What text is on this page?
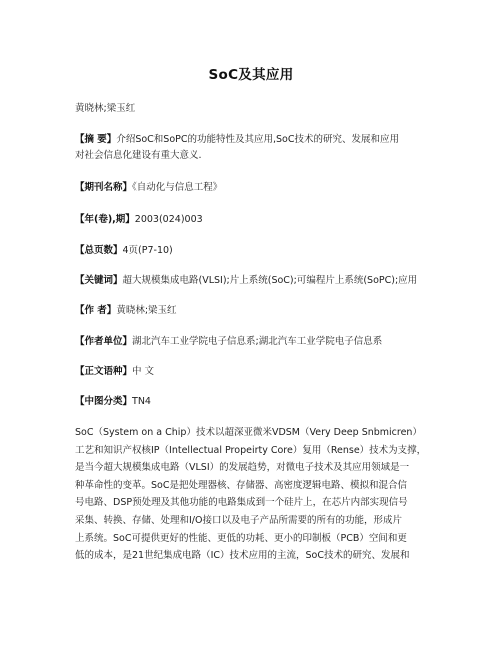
SoC及其应用
黄晓林;梁玉红
【摘 要】介绍SoC和SoPC的功能特性及其应用,SoC技术的研究、发展和应用
对社会信息化建设有重大意义.
【期刊名称】《自动化与信息工程》
【年(卷),期】2003(024)003
【总页数】4页(P7-10)
【关键词】超大规模集成电路(VLSI);片上系统(SoC);可编程片上系统(SoPC);应用
【作 者】黄晓林;梁玉红
【作者单位】湖北汽车工业学院电子信息系;湖北汽车工业学院电子信息系
【正文语种】中 文
【中图分类】TN4
SoC（System on a Chip）技术以超深亚微米VDSM（Very Deep Snbmicren）
工艺和知识产权核IP（Intellectual Propeirty Core）复用（Rense）技术为支撑，
是当今超大规模集成电路（VLSI）的发展趋势，对微电子技术及其应用领域是一
种革命性的变革。SoC是把处理器核、存储器、高密度逻辑电路、模拟和混合信
号电路、DSP预处理及其他功能的电路集成到一个硅片上，在芯片内部实现信号
采集、转换、存储、处理和I/O接口以及电子产品所需要的所有的功能，形成片
上系统。SoC可提供更好的性能、更低的功耗、更小的印制板（PCB）空间和更
低的成本，是21世纪集成电路（IC）技术应用的主流，SoC技术的研究、发展和
